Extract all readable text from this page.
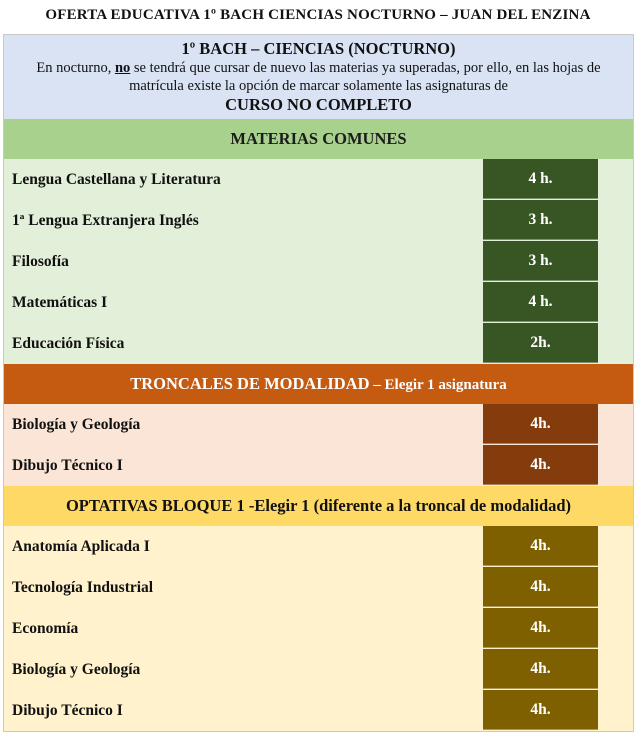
OFERTA EDUCATIVA 1º BACH CIENCIAS NOCTURNO – JUAN DEL ENZINA
1º BACH – CIENCIAS (NOCTURNO)
En nocturno, no se tendrá que cursar de nuevo las materias ya superadas, por ello, en las hojas de matrícula existe la opción de marcar solamente las asignaturas de
CURSO NO COMPLETO
MATERIAS COMUNES
Lengua Castellana y Literatura	4 h.
1ª Lengua Extranjera Inglés	3 h.
Filosofía	3 h.
Matemáticas I	4 h.
Educación Física	2h.
TRONCALES DE MODALIDAD – Elegir 1 asignatura
Biología y Geología	4h.
Dibujo Técnico I	4h.
OPTATIVAS BLOQUE 1 -Elegir 1 (diferente a la troncal de modalidad)
Anatomía Aplicada I	4h.
Tecnología Industrial	4h.
Economía	4h.
Biología y Geología	4h.
Dibujo Técnico I	4h.
